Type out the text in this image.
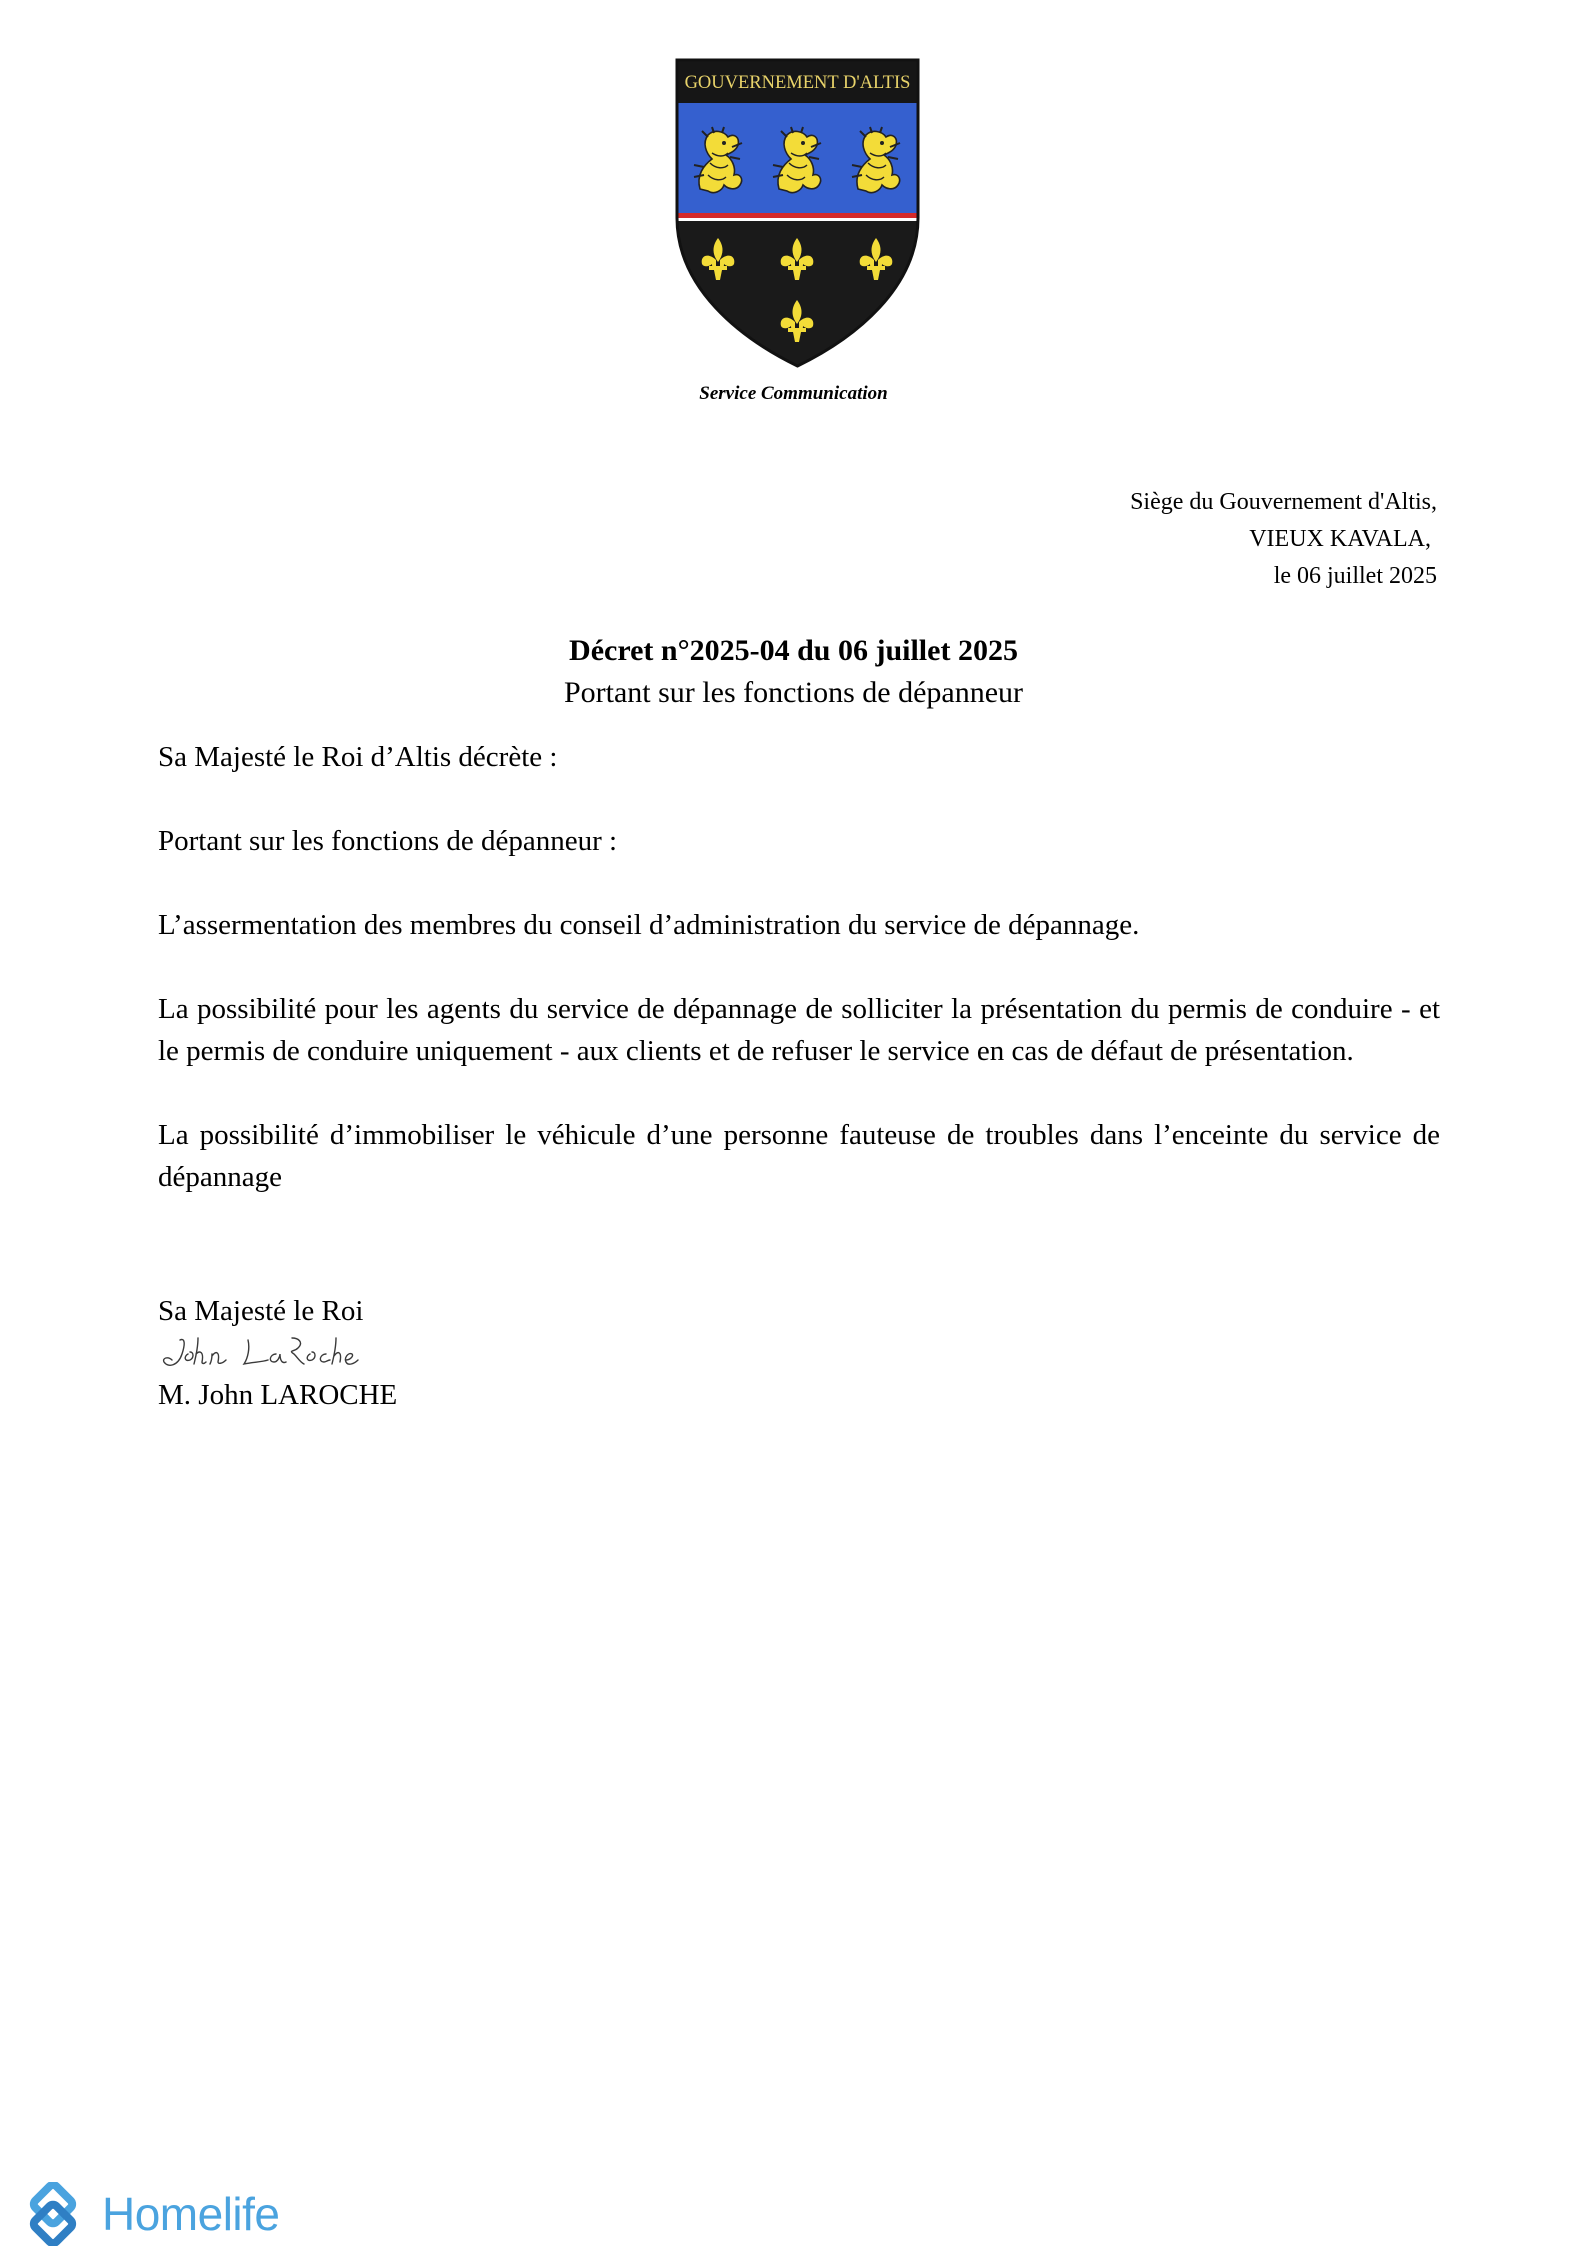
GOUVERNEMENT D'ALTIS
Service Communication
Siège du Gouvernement d'Altis,
VIEUX KAVALA,
le 06 juillet 2025
Décret n°2025-04 du 06 juillet 2025
Portant sur les fonctions de dépanneur

Sa Majesté le Roi d’Altis décrète :

Portant sur les fonctions de dépanneur :

L’assermentation des membres du conseil d’administration du service de dépannage.

La possibilité pour les agents du service de dépannage de solliciter la présentation du permis de conduire - et le permis de conduire uniquement - aux clients et de refuser le service en cas de défaut de présentation.

La possibilité d’immobiliser le véhicule d’une personne fauteuse de troubles dans l’enceinte du service de dépannage

Sa Majesté le Roi
M. John LAROCHE
Homelife
